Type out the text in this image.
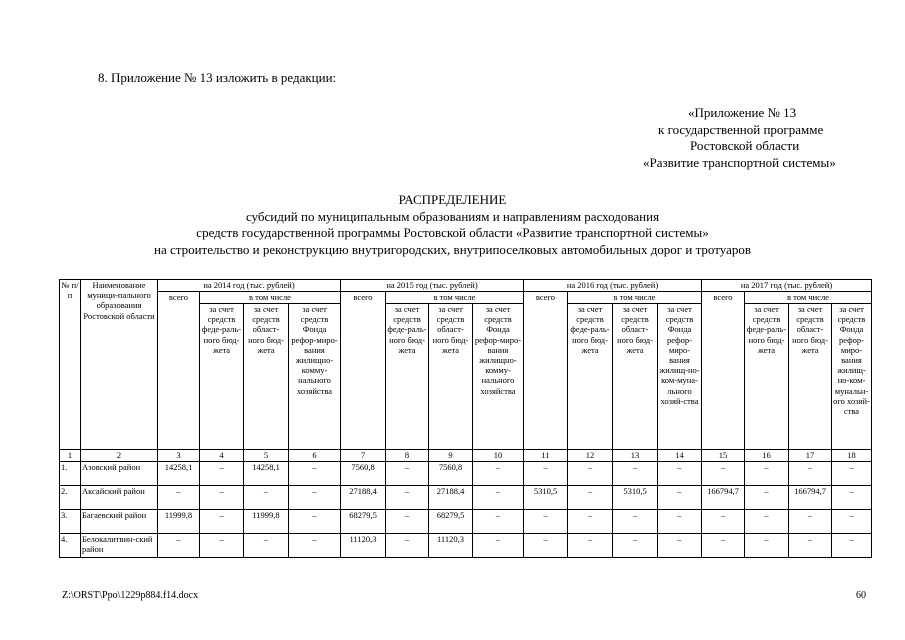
8. Приложение № 13 изложить в редакции:
«Приложение № 13
к государственной программе
Ростовской области
«Развитие транспортной системы»
РАСПРЕДЕЛЕНИЕ
субсидий по муниципальным образованиям и направлениям расходования
средств государственной программы Ростовской области «Развитие транспортной системы»
на строительство и реконструкцию внутригородских, внутрипоселковых автомобильных дорог и тротуаров
№ п/п	Наименование муници-пального образования Ростовской области	на 2014 год (тыс. рублей)				на 2015 год (тыс. рублей)				на 2016 год (тыс. рублей)				на 2017 год (тыс. рублей)			
		всего	в том числе			всего	в том числе			всего	в том числе			всего	в том числе		
			за счет средств феде-раль-ного бюд-жета	за счет средств област-ного бюд-жета	за счет средств Фонда рефор-миро-вания жилищно-комму-нального хозяйства		за счет средств феде-раль-ного бюд-жета	за счет средств област-ного бюд-жета	за счет средств Фонда рефор-миро-вания жилищно-комму-нального хозяйства		за счет средств феде-раль-ного бюд-жета	за счет средств област-ного бюд-жета	за счет средств Фонда рефор-миро-вания жилищ-но-ком-муна-льного хозяй-ства		за счет средств феде-раль-ного бюд-жета	за счет средств област-ного бюд-жета	за счет средств Фонда рефор-миро-вания жилищ-но-ком-мунальн-ого хозяй-ства
1	2	3	4	5	6	7	8	9	10	11	12	13	14	15	16	17	18
1.	Азовский район	14258,1	–	14258,1	–	7560,8	–	7560,8	–	–	–	–	–	–	–	–	–
2.	Аксайский район	–	–	–	–	27188,4	–	27188,4	–	5310,5	–	5310,5	–	166794,7	–	166794,7	–
3.	Багаевский район	11999,8	–	11999,8	–	68279,5	–	68279,5	–	–	–	–	–	–	–	–	–
4.	Белокалитвин-ский район	–	–	–	–	11120,3	–	11120,3	–	–	–	–	–	–	–	–	–
Z:\ORST\Ppo\1229p884.f14.docx	60
